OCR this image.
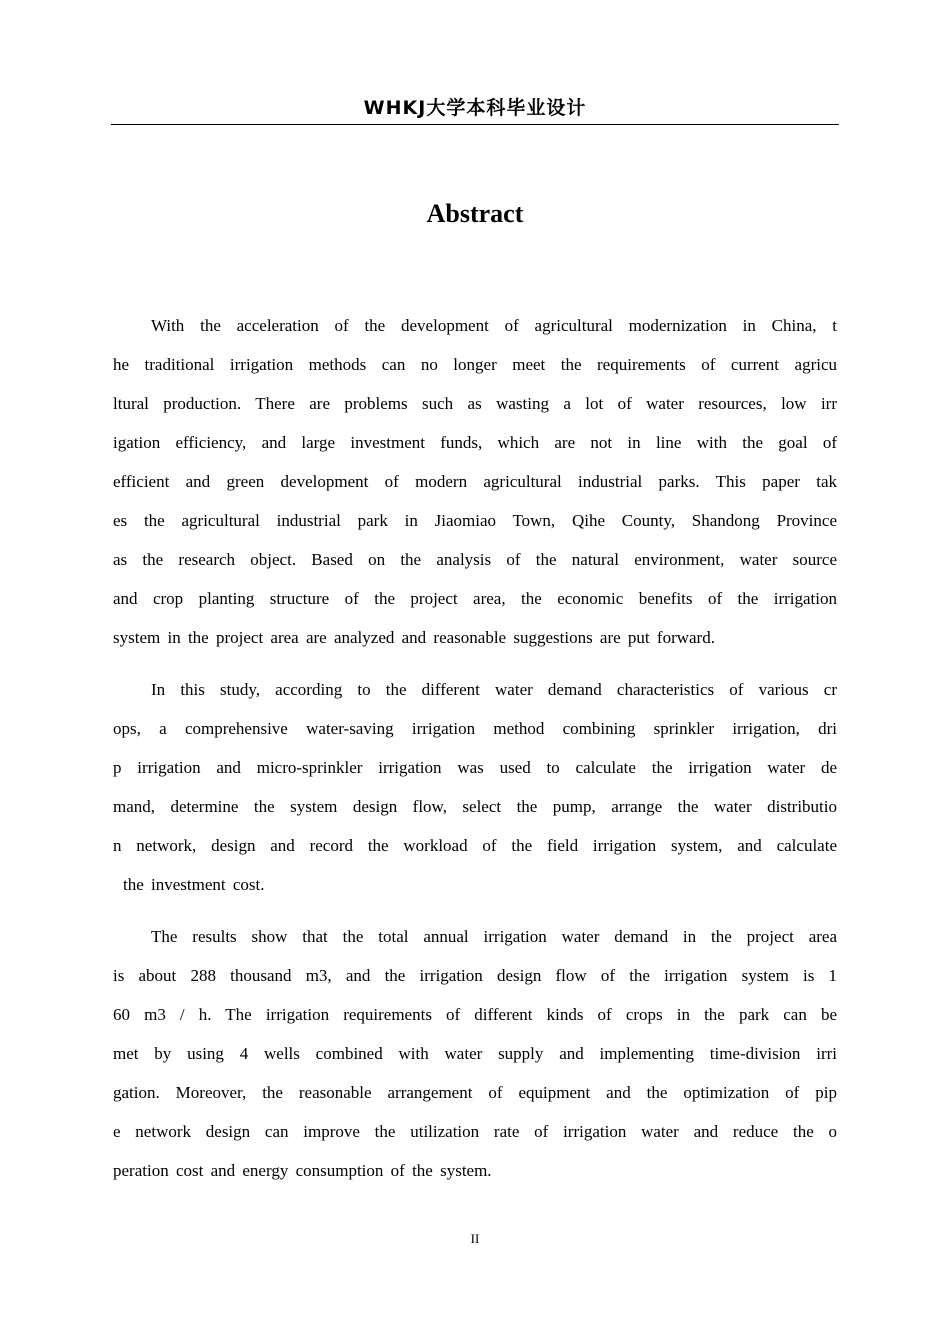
WHKJ大学本科毕业设计
Abstract
With the acceleration of the development of agricultural modernization in China, t
he traditional irrigation methods can no longer meet the requirements of current agricu
ltural production. There are problems such as wasting a lot of water resources, low irr
igation efficiency, and large investment funds, which are not in line with the goal of
efficient and green development of modern agricultural industrial parks. This paper tak
es the agricultural industrial park in Jiaomiao Town, Qihe County, Shandong Province
as the research object. Based on the analysis of the natural environment, water source
and crop planting structure of the project area, the economic benefits of the irrigation
system in the project area are analyzed and reasonable suggestions are put forward.
In this study, according to the different water demand characteristics of various cr
ops, a comprehensive water-saving irrigation method combining sprinkler irrigation, dri
p irrigation and micro-sprinkler irrigation was used to calculate the irrigation water de
mand, determine the system design flow, select the pump, arrange the water distributio
n network, design and record the workload of the field irrigation system, and calculate
the investment cost.
The results show that the total annual irrigation water demand in the project area
is about 288 thousand m3, and the irrigation design flow of the irrigation system is 1
60 m3 / h. The irrigation requirements of different kinds of crops in the park can be
met by using 4 wells combined with water supply and implementing time-division irri
gation. Moreover, the reasonable arrangement of equipment and the optimization of pip
e network design can improve the utilization rate of irrigation water and reduce the o
peration cost and energy consumption of the system.
II
